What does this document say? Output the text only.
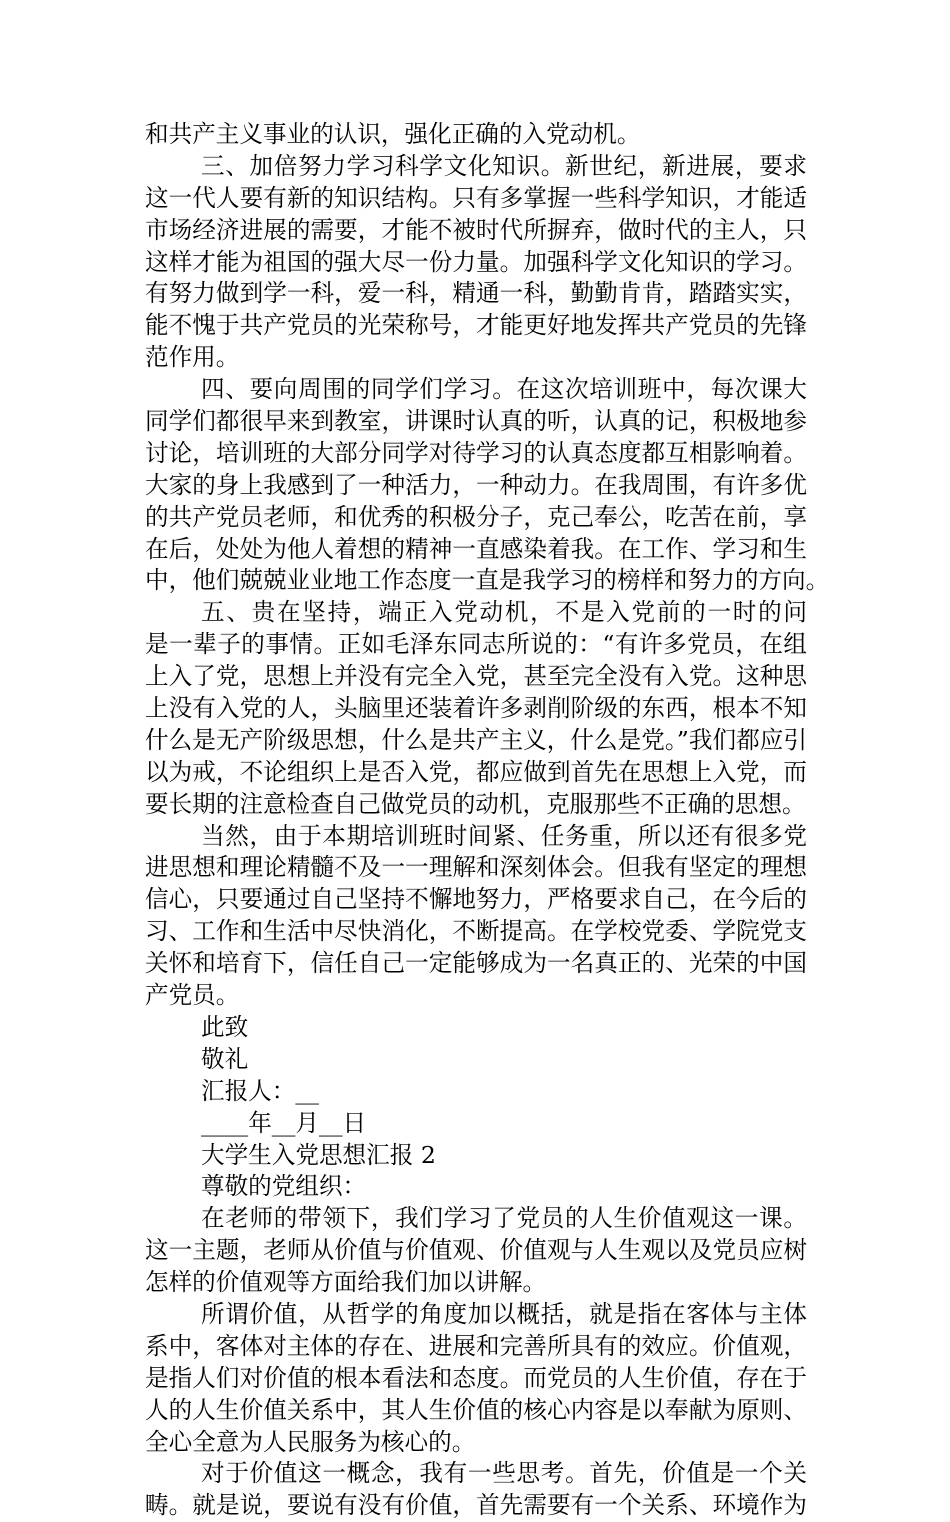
和共产主义事业的认识，强化正确的入党动机。
三、加倍努力学习科学文化知识。新世纪，新进展，要求
这一代人要有新的知识结构。只有多掌握一些科学知识，才能适
市场经济进展的需要，才能不被时代所摒弃，做时代的主人，只
这样才能为祖国的强大尽一份力量。加强科学文化知识的学习。
有努力做到学一科，爱一科，精通一科，勤勤肯肯，踏踏实实，
能不愧于共产党员的光荣称号，才能更好地发挥共产党员的先锋
范作用。
四、要向周围的同学们学习。在这次培训班中，每次课大
同学们都很早来到教室，讲课时认真的听，认真的记，积极地参
讨论，培训班的大部分同学对待学习的认真态度都互相影响着。
大家的身上我感到了一种活力，一种动力。在我周围，有许多优
的共产党员老师，和优秀的积极分子，克己奉公，吃苦在前，享
在后，处处为他人着想的精神一直感染着我。在工作、学习和生
中，他们兢兢业业地工作态度一直是我学习的榜样和努力的方向。
五、贵在坚持，端正入党动机，不是入党前的一时的问
是一辈子的事情。正如毛泽东同志所说的：“有许多党员，在组
上入了党，思想上并没有完全入党，甚至完全没有入党。这种思
上没有入党的人，头脑里还装着许多剥削阶级的东西，根本不知
什么是无产阶级思想，什么是共产主义，什么是党。”我们都应引
以为戒，不论组织上是否入党，都应做到首先在思想上入党，而
要长期的注意检查自己做党员的动机，克服那些不正确的思想。
当然，由于本期培训班时间紧、任务重，所以还有很多党
进思想和理论精髓不及一一理解和深刻体会。但我有坚定的理想
信心，只要通过自己坚持不懈地努力，严格要求自己，在今后的
习、工作和生活中尽快消化，不断提高。在学校党委、学院党支
关怀和培育下，信任自己一定能够成为一名真正的、光荣的中国
产党员。
此致
敬礼
汇报人：__
____年__月__日
大学生入党思想汇报 2
尊敬的党组织：
在老师的带领下，我们学习了党员的人生价值观这一课。
这一主题，老师从价值与价值观、价值观与人生观以及党员应树
怎样的价值观等方面给我们加以讲解。
所谓价值，从哲学的角度加以概括，就是指在客体与主体
系中，客体对主体的存在、进展和完善所具有的效应。价值观，
是指人们对价值的根本看法和态度。而党员的人生价值，存在于
人的人生价值关系中，其人生价值的核心内容是以奉献为原则、
全心全意为人民服务为核心的。
对于价值这一概念，我有一些思考。首先，价值是一个关
畴。就是说，要说有没有价值，首先需要有一个关系、环境作为
